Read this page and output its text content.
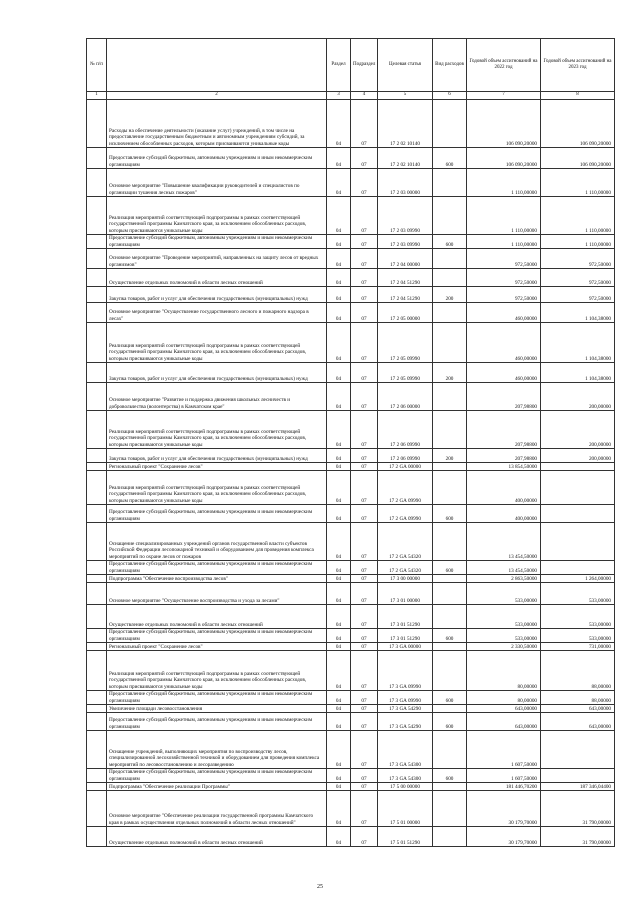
№ п/п		Раздел	Подраздел	Целевая статья	Вид расходов	Годовой объем ассигнований на 2022 год	Годовой объем ассигнований на 2023 год
1	2	3	4	5	6	7	8
	Расходы на обеспечение деятельности (оказание услуг) учреждений, в том числе на предоставление государственным бюджетным и автономным учреждениям субсидий, за исключением обособленных расходов, которым присваиваются уникальные коды	04	07	17 2 02 10140		106 090,20000	106 090,20000
	Предоставление субсидий бюджетным, автономным учреждениям и иным некоммерческим организациям	04	07	17 2 02 10140	600	106 090,20000	106 090,20000
	Основное мероприятие "Повышение квалификации руководителей и специалистов по организации тушения лесных пожаров"	04	07	17 2 03 00000		1 110,00000	1 110,00000
	Реализация мероприятий соответствующей подпрограммы в рамках соответствующей государственной программы Камчатского края, за исключением обособленных расходов, которым присваиваются уникальные коды	04	07	17 2 03 09990		1 110,00000	1 110,00000
	Предоставление субсидий бюджетным, автономным учреждениям и иным некоммерческим организациям	04	07	17 2 03 09990	600	1 110,00000	1 110,00000
	Основное мероприятие "Проведение мероприятий, направленных на защиту лесов от вредных организмов"	04	07	17 2 04 00000		972,50000	972,50000
	Осуществление отдельных полномочий в области лесных отношений	04	07	17 2 04 51290		972,50000	972,50000
	Закупка товаров, работ и услуг для обеспечения государственных (муниципальных) нужд	04	07	17 2 04 51290	200	972,50000	972,50000
	Основное мероприятие "Осуществление государственного лесного и пожарного надзора в лесах"	04	07	17 2 05 00000		460,00000	1 104,38000
	Реализация мероприятий соответствующей подпрограммы в рамках соответствующей государственной программы Камчатского края, за исключением обособленных расходов, которым присваиваются уникальные коды	04	07	17 2 05 09990		460,00000	1 104,38000
	Закупка товаров, работ и услуг для обеспечения государственных (муниципальных) нужд	04	07	17 2 05 09990	200	460,00000	1 104,38000
	Основное мероприятие "Развитие и поддержка движения школьных лесничеств и добровольчества (волонтерства) в Камчатском крае"	04	07	17 2 06 00000		207,98800	200,00000
	Реализация мероприятий соответствующей подпрограммы в рамках соответствующей государственной программы Камчатского края, за исключением обособленных расходов, которым присваиваются уникальные коды	04	07	17 2 06 09990		207,98800	200,00000
	Закупка товаров, работ и услуг для обеспечения государственных (муниципальных) нужд	04	07	17 2 06 09990	200	207,98800	200,00000
	Региональный проект "Сохранение лесов"	04	07	17 2 GA 00000		13 854,50000	
	Реализация мероприятий соответствующей подпрограммы в рамках соответствующей государственной программы Камчатского края, за исключением обособленных расходов, которым присваиваются уникальные коды	04	07	17 2 GA 09990		400,00000	
	Предоставление субсидий бюджетным, автономным учреждениям и иным некоммерческим организациям	04	07	17 2 GA 09990	600	400,00000	
	Оснащение специализированных учреждений органов государственной власти субъектов Российской Федерации лесопожарной техникой и оборудованием для проведения комплекса мероприятий по охране лесов от пожаров	04	07	17 2 GA 54320		13 454,50000	
	Предоставление субсидий бюджетным, автономным учреждениям и иным некоммерческим организациям	04	07	17 2 GA 54320	600	13 454,50000	
	Подпрограмма "Обеспечение воспроизводства лесов"	04	07	17 3 00 00000		2 863,50000	1 264,00000
	Основное мероприятие "Осуществление воспроизводства и ухода за лесами"	04	07	17 3 01 00000		533,00000	533,00000
	Осуществление отдельных полномочий в области лесных отношений	04	07	17 3 01 51290		533,00000	533,00000
	Предоставление субсидий бюджетным, автономным учреждениям и иным некоммерческим организациям	04	07	17 3 01 51290	600	533,00000	533,00000
	Региональный проект "Сохранение лесов"	04	07	17 3 GA 00000		2 330,50000	731,00000
	Реализация мероприятий соответствующей подпрограммы в рамках соответствующей государственной программы Камчатского края, за исключением обособленных расходов, которым присваиваются уникальные коды	04	07	17 3 GA 09990		80,00000	88,00000
	Предоставление субсидий бюджетным, автономным учреждениям и иным некоммерческим организациям	04	07	17 3 GA 09990	600	80,00000	88,00000
	Увеличение площади лесовосстановления	04	07	17 3 GA 54290		643,00000	643,00000
	Предоставление субсидий бюджетным, автономным учреждениям и иным некоммерческим организациям	04	07	17 3 GA 54290	600	643,00000	643,00000
	Оснащение учреждений, выполняющих мероприятия по воспроизводству лесов, специализированной лесохозяйственной техникой и оборудованием для проведения комплекса мероприятий по лесовосстановлению и лесоразведению	04	07	17 3 GA 54300		1 607,50000	
	Предоставление субсидий бюджетным, автономным учреждениям и иным некоммерческим организациям	04	07	17 3 GA 54300	600	1 607,50000	
	Подпрограмма "Обеспечение реализации Программы"	04	07	17 5 00 00000		181 446,70200	187 346,04400
	Основное мероприятие "Обеспечение реализации государственной программы Камчатского края в рамках осуществления отдельных полномочий в области лесных отношений"	04	07	17 5 01 00000		30 179,70000	31 790,00000
	Осуществление отдельных полномочий в области лесных отношений	04	07	17 5 01 51290		30 179,70000	31 790,00000
25
